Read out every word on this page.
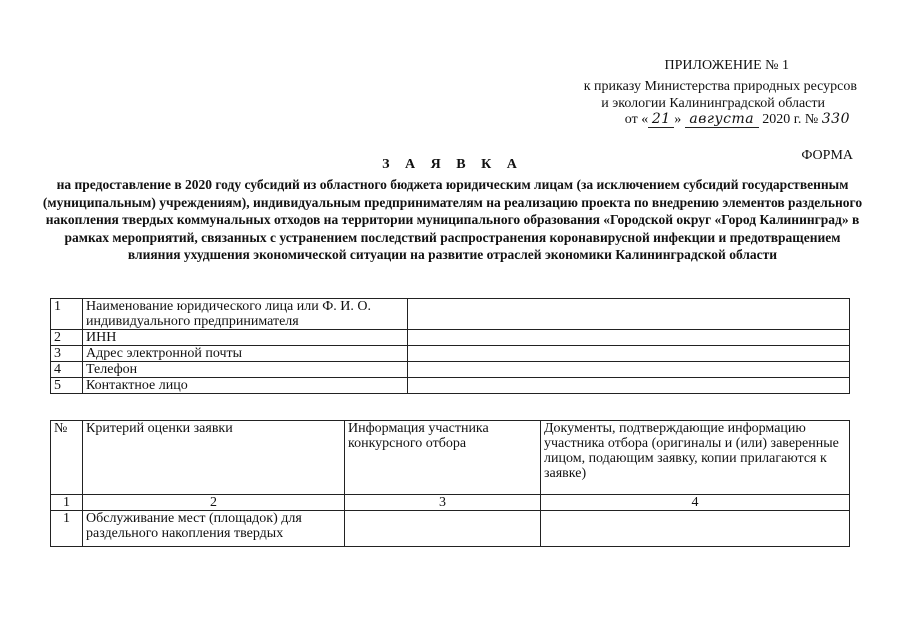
ПРИЛОЖЕНИЕ № 1
к приказу Министерства природных ресурсов
и экологии Калининградской области
от « 21 » августа 2020 г. № 330
ФОРМА
З А Я В К А
на предоставление в 2020 году субсидий из областного бюджета юридическим лицам (за исключением субсидий государственным (муниципальным) учреждениям), индивидуальным предпринимателям на реализацию проекта по внедрению элементов раздельного накопления твердых коммунальных отходов на территории муниципального образования «Городской округ «Город Калининград» в рамках мероприятий, связанных с устранением последствий распространения коронавирусной инфекции и предотвращением влияния ухудшения экономической ситуации на развитие отраслей экономики Калининградской области
1	Наименование юридического лица или Ф. И. О. индивидуального предпринимателя	
2	ИНН	
3	Адрес электронной почты	
4	Телефон	
5	Контактное лицо	
№	Критерий оценки заявки	Информация участника конкурсного отбора	Документы, подтверждающие информацию участника отбора (оригиналы и (или) заверенные лицом, подающим заявку, копии прилагаются к заявке)
1	2	3	4
1	Обслуживание мест (площадок) для раздельного накопления твердых		
